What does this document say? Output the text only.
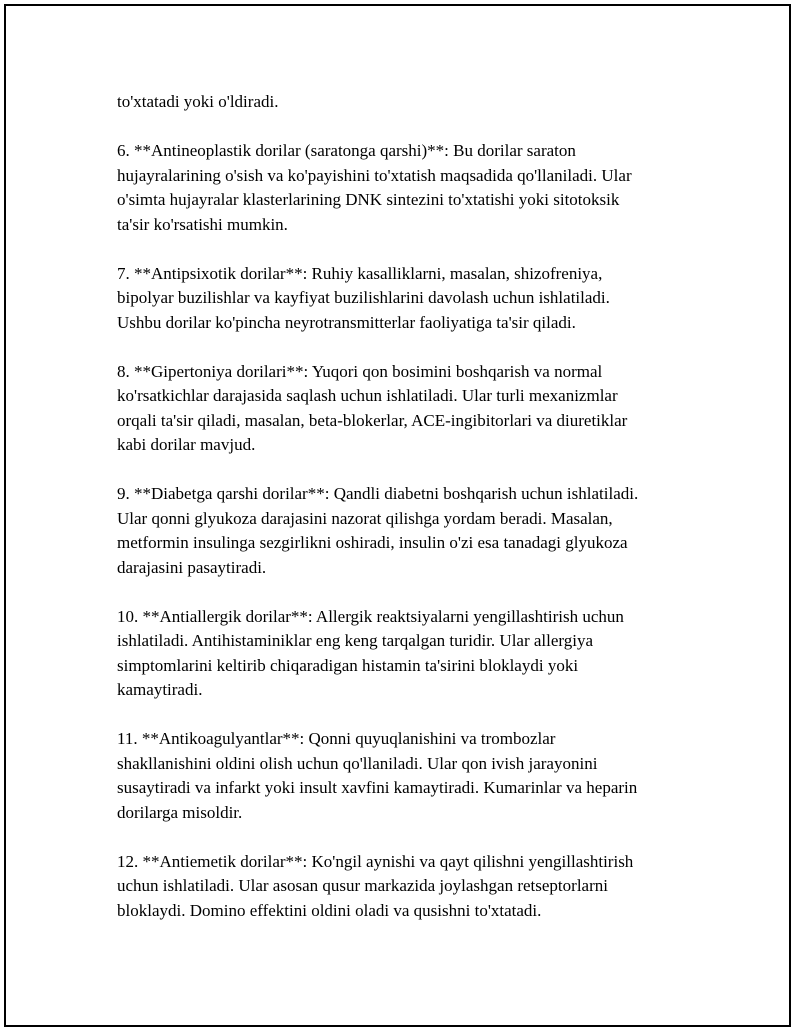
to'xtatadi yoki o'ldiradi.
6. **Antineoplastik dorilar (saratonga qarshi)**: Bu dorilar saraton
hujayralarining o'sish va ko'payishini to'xtatish maqsadida qo'llaniladi. Ular
o'simta hujayralar klasterlarining DNK sintezini to'xtatishi yoki sitotoksik
ta'sir ko'rsatishi mumkin.
7. **Antipsixotik dorilar**: Ruhiy kasalliklarni, masalan, shizofreniya,
bipolyar buzilishlar va kayfiyat buzilishlarini davolash uchun ishlatiladi.
Ushbu dorilar ko'pincha neyrotransmitterlar faoliyatiga ta'sir qiladi.
8. **Gipertoniya dorilari**: Yuqori qon bosimini boshqarish va normal
ko'rsatkichlar darajasida saqlash uchun ishlatiladi. Ular turli mexanizmlar
orqali ta'sir qiladi, masalan, beta-blokerlar, ACE-ingibitorlari va diuretiklar
kabi dorilar mavjud.
9. **Diabetga qarshi dorilar**: Qandli diabetni boshqarish uchun ishlatiladi.
Ular qonni glyukoza darajasini nazorat qilishga yordam beradi. Masalan,
metformin insulinga sezgirlikni oshiradi, insulin o'zi esa tanadagi glyukoza
darajasini pasaytiradi.
10. **Antiallergik dorilar**: Allergik reaktsiyalarni yengillashtirish uchun
ishlatiladi. Antihistaminiklar eng keng tarqalgan turidir. Ular allergiya
simptomlarini keltirib chiqaradigan histamin ta'sirini bloklaydi yoki
kamaytiradi.
11. **Antikoagulyantlar**: Qonni quyuqlanishini va trombozlar
shakllanishini oldini olish uchun qo'llaniladi. Ular qon ivish jarayonini
susaytiradi va infarkt yoki insult xavfini kamaytiradi. Kumarinlar va heparin
dorilarga misoldir.
12. **Antiemetik dorilar**: Ko'ngil aynishi va qayt qilishni yengillashtirish
uchun ishlatiladi. Ular asosan qusur markazida joylashgan retseptorlarni
bloklaydi. Domino effektini oldini oladi va qusishni to'xtatadi.
